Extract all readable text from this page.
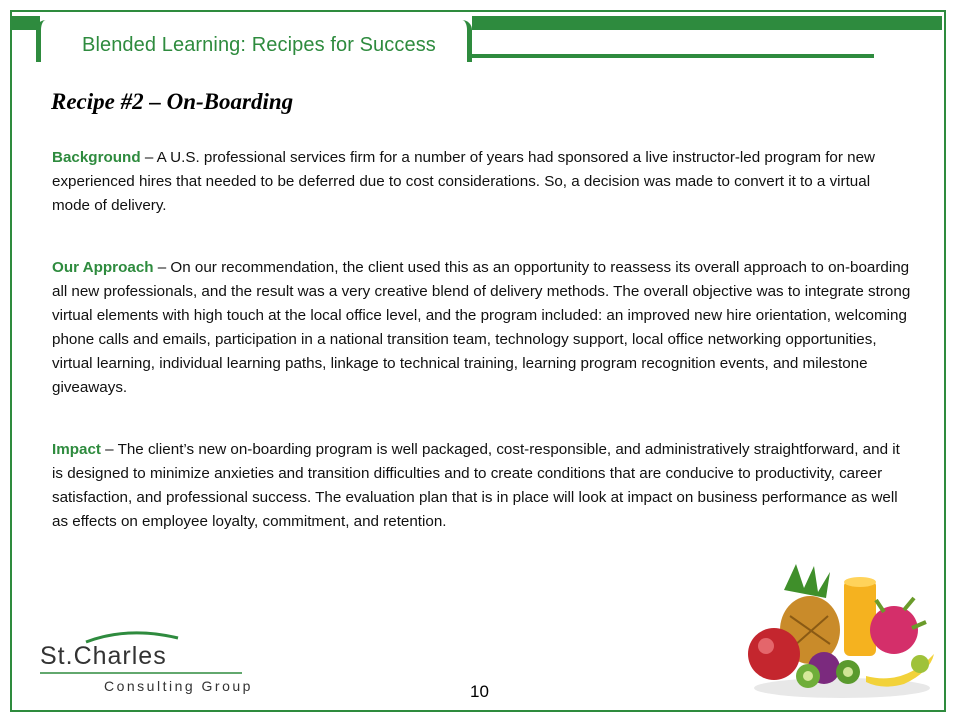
Blended Learning: Recipes for Success
Recipe #2 – On-Boarding
Background – A U.S. professional services firm for a number of years had sponsored a live instructor-led program for new experienced hires that needed to be deferred due to cost considerations. So, a decision was made to convert it to a virtual mode of delivery.
Our Approach – On our recommendation, the client used this as an opportunity to reassess its overall approach to on-boarding all new professionals, and the result was a very creative blend of delivery methods. The overall objective was to integrate strong virtual elements with high touch at the local office level, and the program included: an improved new hire orientation, welcoming phone calls and emails, participation in a national transition team, technology support, local office networking opportunities, virtual learning, individual learning paths, linkage to technical training, learning program recognition events, and milestone giveaways.
Impact – The client’s new on-boarding program is well packaged, cost-responsible, and administratively straightforward, and it is designed to minimize anxieties and transition difficulties and to create conditions that are conducive to productivity, career satisfaction, and professional success. The evaluation plan that is in place will look at impact on business performance as well as effects on employee loyalty, commitment, and retention.
St.Charles
Consulting Group	10
